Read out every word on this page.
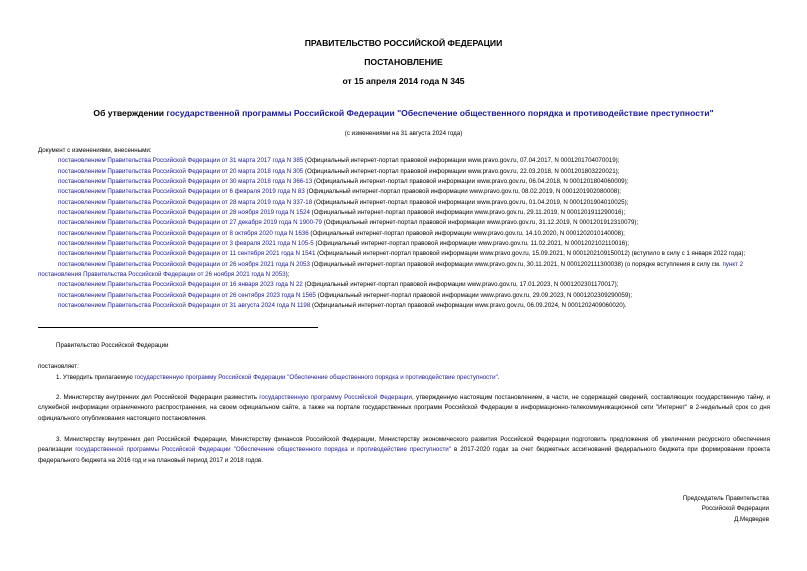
ПРАВИТЕЛЬСТВО РОССИЙСКОЙ ФЕДЕРАЦИИ
ПОСТАНОВЛЕНИЕ
от 15 апреля 2014 года N 345
Об утверждении государственной программы Российской Федерации "Обеспечение общественного порядка и противодействие преступности"
(с изменениями на 31 августа 2024 года)
Документ с изменениями, внесенными:
постановлением Правительства Российской Федерации от 31 марта 2017 года N 385 (Официальный интернет-портал правовой информации www.pravo.gov.ru, 07.04.2017, N 0001201704070019);
постановлением Правительства Российской Федерации от 20 марта 2018 года N 305 (Официальный интернет-портал правовой информации www.pravo.gov.ru, 22.03.2018, N 0001201803220021);
постановлением Правительства Российской Федерации от 30 марта 2018 года N 366-13 (Официальный интернет-портал правовой информации www.pravo.gov.ru, 06.04.2018, N 0001201804060009);
постановлением Правительства Российской Федерации от 6 февраля 2019 года N 83 (Официальный интернет-портал правовой информации www.pravo.gov.ru, 08.02.2019, N 0001201902080008);
постановлением Правительства Российской Федерации от 28 марта 2019 года N 337-18 (Официальный интернет-портал правовой информации www.pravo.gov.ru, 01.04.2019, N 0001201904010025);
постановлением Правительства Российской Федерации от 28 ноября 2019 года N 1524 (Официальный интернет-портал правовой информации www.pravo.gov.ru, 29.11.2019, N 0001201911290016);
постановлением Правительства Российской Федерации от 27 декабря 2019 года N 1900-79 (Официальный интернет-портал правовой информации www.pravo.gov.ru, 31.12.2019, N 0001201912310079);
постановлением Правительства Российской Федерации от 8 октября 2020 года N 1636 (Официальный интернет-портал правовой информации www.pravo.gov.ru, 14.10.2020, N 0001202010140008);
постановлением Правительства Российской Федерации от 3 февраля 2021 года N 105-5 (Официальный интернет-портал правовой информации www.pravo.gov.ru, 11.02.2021, N 0001202102110016);
постановлением Правительства Российской Федерации от 11 сентября 2021 года N 1541 (Официальный интернет-портал правовой информации www.pravo.gov.ru, 15.09.2021, N 0001202109150012) (вступило в силу с 1 января 2022 года);
постановлением Правительства Российской Федерации от 26 ноября 2021 года N 2053 (Официальный интернет-портал правовой информации www.pravo.gov.ru, 30.11.2021, N 0001202111300038) (о порядке вступления в силу см. пункт 2 постановления Правительства Российской Федерации от 26 ноября 2021 года N 2053);
постановлением Правительства Российской Федерации от 16 января 2023 года N 22 (Официальный интернет-портал правовой информации www.pravo.gov.ru, 17.01.2023, N 0001202301170017);
постановлением Правительства Российской Федерации от 26 сентября 2023 года N 1565 (Официальный интернет-портал правовой информации www.pravo.gov.ru, 29.09.2023, N 0001202309290059);
постановлением Правительства Российской Федерации от 31 августа 2024 года N 1198 (Официальный интернет-портал правовой информации www.pravo.gov.ru, 06.09.2024, N 0001202409060020).

Правительство Российской Федерации

постановляет:

1. Утвердить прилагаемую государственную программу Российской Федерации "Обеспечение общественного порядка и противодействие преступности".

2. Министерству внутренних дел Российской Федерации разместить государственную программу Российской Федерации, утвержденную настоящим постановлением, в части, не содержащей сведений, составляющих государственную тайну, и служебной информации ограниченного распространения, на своем официальном сайте, а также на портале государственных программ Российской Федерации в информационно-телекоммуникационной сети "Интернет" в 2-недельный срок со дня официального опубликования настоящего постановления.

3. Министерству внутренних дел Российской Федерации, Министерству финансов Российской Федерации, Министерству экономического развития Российской Федерации подготовить предложения об увеличении ресурсного обеспечения реализации государственной программы Российской Федерации "Обеспечение общественного порядка и противодействие преступности" в 2017-2020 годах за счет бюджетных ассигнований федерального бюджета при формировании проекта федерального бюджета на 2016 год и на плановый период 2017 и 2018 годов.

Председатель Правительства
Российской Федерации
Д.Медведев
